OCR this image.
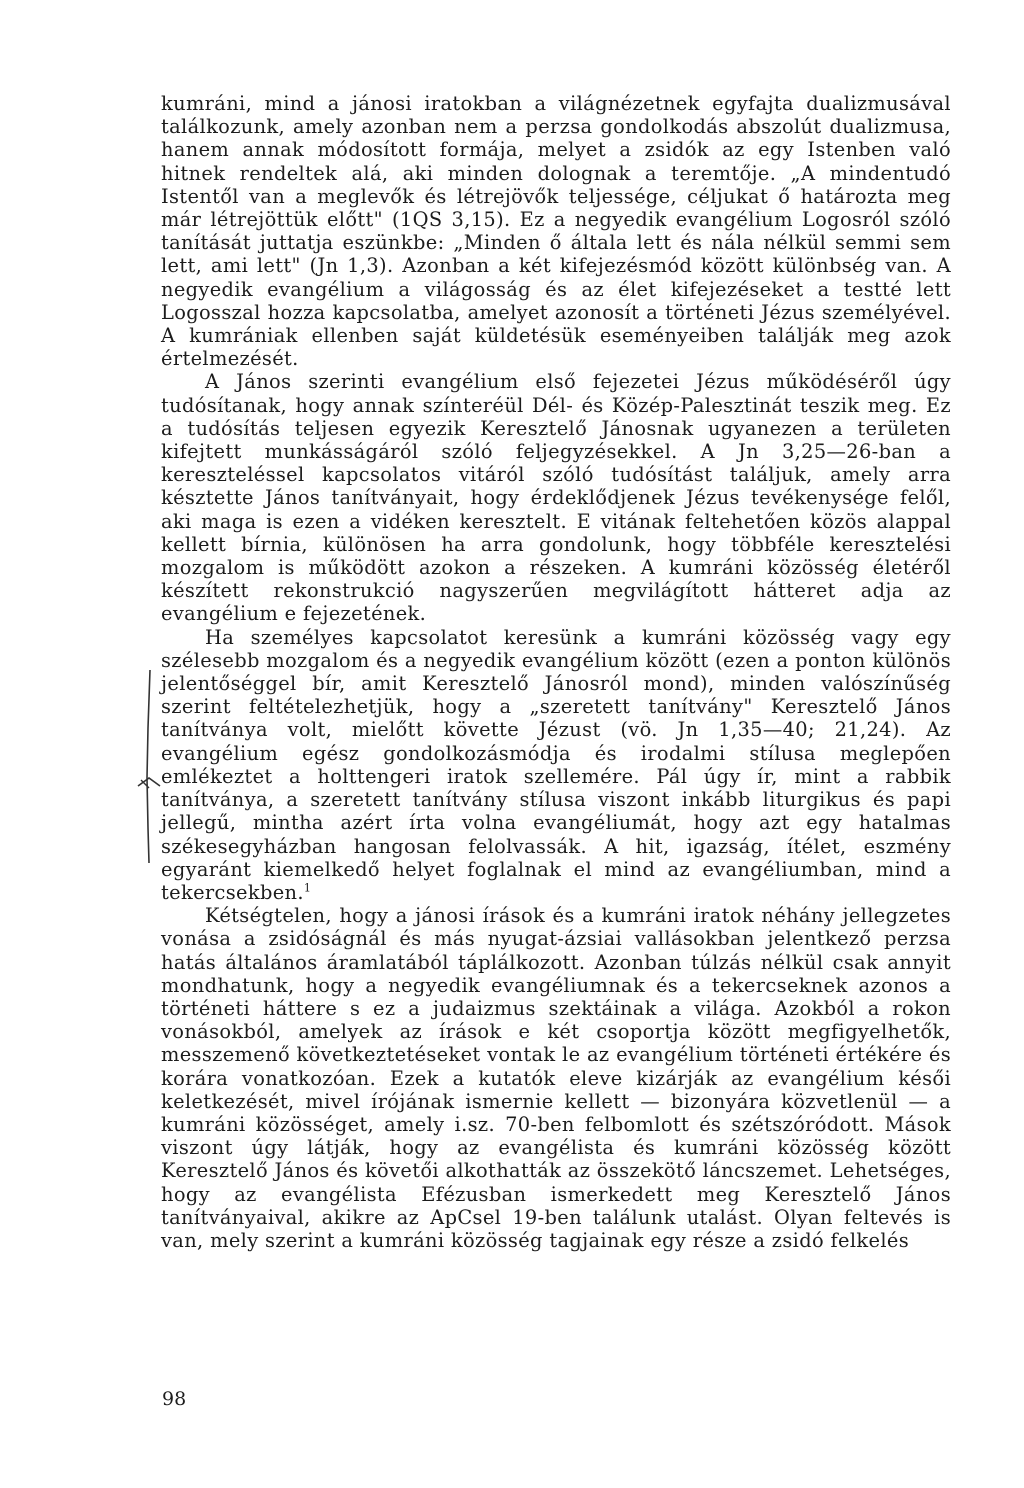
kumráni, mind a jánosi iratokban a világnézetnek egyfajta dualizmusával találkozunk, amely azonban nem a perzsa gondolkodás abszolút dualizmusa, hanem annak módosított formája, melyet a zsidók az egy Istenben való hitnek rendeltek alá, aki minden dolognak a teremtője. „A mindentudó Istentől van a meglevők és létrejövők teljessége, céljukat ő határozta meg már létrejöttük előtt" (1QS 3,15). Ez a negyedik evangélium Logosról szóló tanítását juttatja eszünkbe: „Minden ő általa lett és nála nélkül semmi sem lett, ami lett" (Jn 1,3). Azonban a két kifejezésmód között különbség van. A negyedik evangélium a világosság és az élet kifejezéseket a testté lett Logosszal hozza kapcsolatba, amelyet azonosít a történeti Jézus személyével. A kumrániak ellenben saját küldetésük eseményeiben találják meg azok értelmezését.

A János szerinti evangélium első fejezetei Jézus működéséről úgy tudósítanak, hogy annak színteréül Dél- és Közép-Palesztinát teszik meg. Ez a tudósítás teljesen egyezik Keresztelő Jánosnak ugyanezen a területen kifejtett munkásságáról szóló feljegyzésekkel. A Jn 3,25—26-ban a kereszteléssel kapcsolatos vitáról szóló tudósítást találjuk, amely arra késztette János tanítványait, hogy érdeklődjenek Jézus tevékenysége felől, aki maga is ezen a vidéken keresztelt. E vitának feltehetően közös alappal kellett bírnia, különösen ha arra gondolunk, hogy többféle keresztelési mozgalom is működött azokon a részeken. A kumráni közösség életéről készített rekonstrukció nagyszerűen megvilágított hátteret adja az evangélium e fejezetének.

Ha személyes kapcsolatot keresünk a kumráni közösség vagy egy szélesebb mozgalom és a negyedik evangélium között (ezen a ponton különös jelentőséggel bír, amit Keresztelő Jánosról mond), minden valószínűség szerint feltételezhetjük, hogy a „szeretett tanítvány" Keresztelő János tanítványa volt, mielőtt követte Jézust (vö. Jn 1,35—40; 21,24). Az evangélium egész gondolkozásmódja és irodalmi stílusa meglepően emlékeztet a holttengeri iratok szellemére. Pál úgy ír, mint a rabbik tanítványa, a szeretett tanítvány stílusa viszont inkább liturgikus és papi jellegű, mintha azért írta volna evangéliumát, hogy azt egy hatalmas székesegyházban hangosan felolvassák. A hit, igazság, ítélet, eszmény egyaránt kiemelkedő helyet foglalnak el mind az evangéliumban, mind a tekercsekben.$^1$

Kétségtelen, hogy a jánosi írások és a kumráni iratok néhány jellegzetes vonása a zsidóságnál és más nyugat-ázsiai vallásokban jelentkező perzsa hatás általános áramlatából táplálkozott. Azonban túlzás nélkül csak annyit mondhatunk, hogy a negyedik evangéliumnak és a tekercseknek azonos a történeti háttere s ez a judaizmus szektáinak a világa. Azokból a rokon vonásokból, amelyek az írások e két csoportja között megfigyelhetők, messzemenő következtetéseket vontak le az evangélium történeti értékére és korára vonatkozóan. Ezek a kutatók eleve kizárják az evangélium késői keletkezését, mivel írójának ismernie kellett — bizonyára közvetlenül — a kumráni közösséget, amely i.sz. 70-ben felbomlott és szétszóródott. Mások viszont úgy látják, hogy az evangélista és kumráni közösség között Keresztelő János és követői alkothatták az összekötő láncszemet. Lehetséges, hogy az evangélista Efézusban ismerkedett meg Keresztelő János tanítványaival, akikre az ApCsel 19-ben találunk utalást. Olyan feltevés is van, mely szerint a kumráni közösség tagjainak egy része a zsidó felkelés

98
